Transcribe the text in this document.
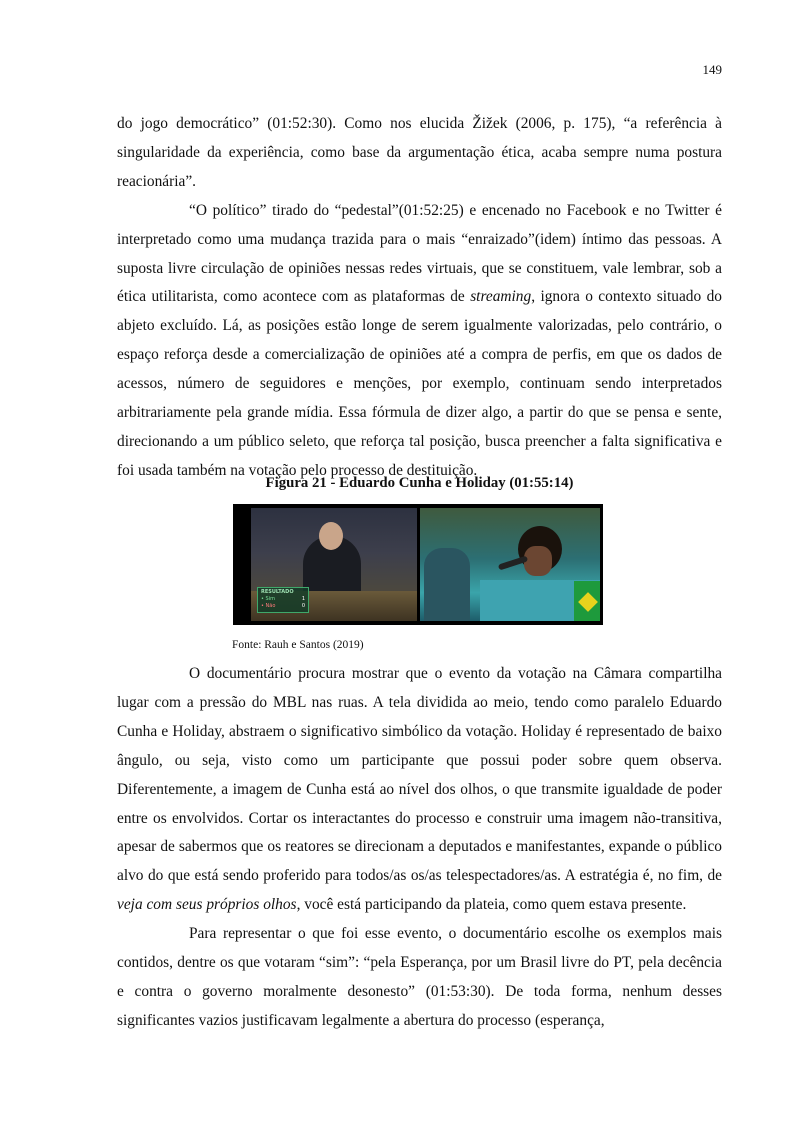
149

do jogo democrático” (01:52:30). Como nos elucida Žižek (2006, p. 175), “a referência à singularidade da experiência, como base da argumentação ética, acaba sempre numa postura reacionária”.

“O político” tirado do “pedestal”(01:52:25) e encenado no Facebook e no Twitter é interpretado como uma mudança trazida para o mais “enraizado”(idem) íntimo das pessoas. A suposta livre circulação de opiniões nessas redes virtuais, que se constituem, vale lembrar, sob a ética utilitarista, como acontece com as plataformas de streaming, ignora o contexto situado do abjeto excluído. Lá, as posições estão longe de serem igualmente valorizadas, pelo contrário, o espaço reforça desde a comercialização de opiniões até a compra de perfis, em que os dados de acessos, número de seguidores e menções, por exemplo, continuam sendo interpretados arbitrariamente pela grande mídia. Essa fórmula de dizer algo, a partir do que se pensa e sente, direcionando a um público seleto, que reforça tal posição, busca preencher a falta significativa e foi usada também na votação pelo processo de destituição.

Figura 21 - Eduardo Cunha e Holiday (01:55:14)
RESULTADO
• Sim	1
• Não	0
Fonte: Rauh e Santos (2019)

O documentário procura mostrar que o evento da votação na Câmara compartilha lugar com a pressão do MBL nas ruas. A tela dividida ao meio, tendo como paralelo Eduardo Cunha e Holiday, abstraem o significativo simbólico da votação. Holiday é representado de baixo ângulo, ou seja, visto como um participante que possui poder sobre quem observa. Diferentemente, a imagem de Cunha está ao nível dos olhos, o que transmite igualdade de poder entre os envolvidos. Cortar os interactantes do processo e construir uma imagem não-transitiva, apesar de sabermos que os reatores se direcionam a deputados e manifestantes, expande o público alvo do que está sendo proferido para todos/as os/as telespectadores/as. A estratégia é, no fim, de veja com seus próprios olhos, você está participando da plateia, como quem estava presente.

Para representar o que foi esse evento, o documentário escolhe os exemplos mais contidos, dentre os que votaram “sim”: “pela Esperança, por um Brasil livre do PT, pela decência e contra o governo moralmente desonesto” (01:53:30). De toda forma, nenhum desses significantes vazios justificavam legalmente a abertura do processo (esperança,
